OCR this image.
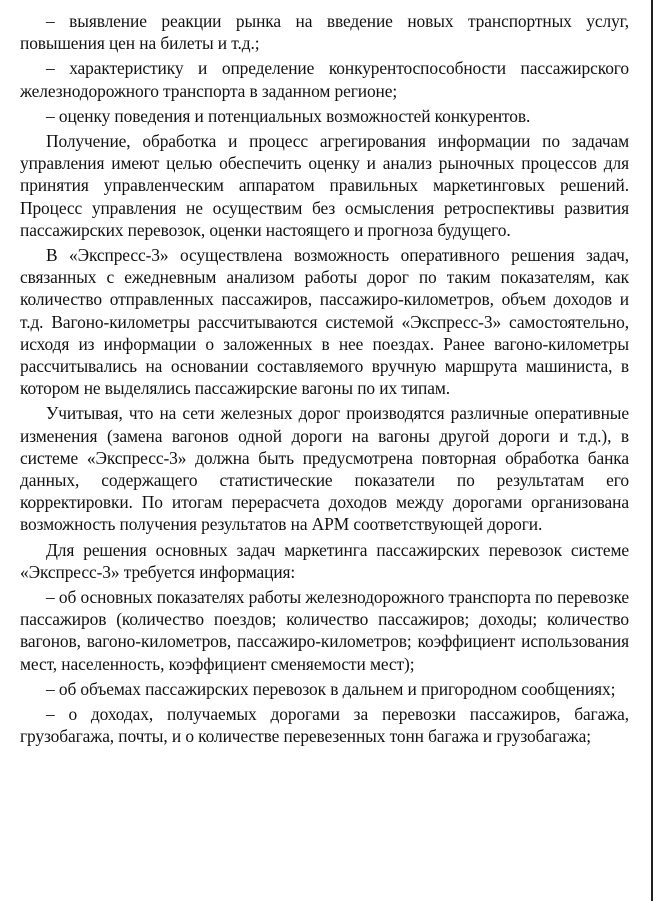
– выявление реакции рынка на введение новых транспортных услуг, повышения цен на билеты и т.д.;

– характеристику и определение конкурентоспособности пассажирского железнодорожного транспорта в заданном регионе;

– оценку поведения и потенциальных возможностей конкурентов.

Получение, обработка и процесс агрегирования информации по задачам управления имеют целью обеспечить оценку и анализ рыночных процессов для принятия управленческим аппаратом правильных маркетинговых решений. Процесс управления не осуществим без осмысления ретроспективы развития пассажирских перевозок, оценки настоящего и прогноза будущего.

В «Экспресс-3» осуществлена возможность оперативного решения задач, связанных с ежедневным анализом работы дорог по таким показателям, как количество отправленных пассажиров, пассажиро-километров, объем доходов и т.д. Вагоно-километры рассчитываются системой «Экспресс-3» самостоятельно, исходя из информации о заложенных в нее поездах. Ранее вагоно-километры рассчитывались на основании составляемого вручную маршрута машиниста, в котором не выделялись пассажирские вагоны по их типам.

Учитывая, что на сети железных дорог производятся различные оперативные изменения (замена вагонов одной дороги на вагоны другой дороги и т.д.), в системе «Экспресс-3» должна быть предусмотрена повторная обработка банка данных, содержащего статистические показатели по результатам его корректировки. По итогам перерасчета доходов между дорогами организована возможность получения результатов на АРМ соответствующей дороги.

Для решения основных задач маркетинга пассажирских перевозок системе «Экспресс-3» требуется информация:

– об основных показателях работы железнодорожного транспорта по перевозке пассажиров (количество поездов; количество пассажиров; доходы; количество вагонов, вагоно-километров, пассажиро-километров; коэффициент использования мест, населенность, коэффициент сменяемости мест);

– об объемах пассажирских перевозок в дальнем и пригородном сообщениях;

– о доходах, получаемых дорогами за перевозки пассажиров, багажа, грузобагажа, почты, и о количестве перевезенных тонн багажа и грузобагажа;
